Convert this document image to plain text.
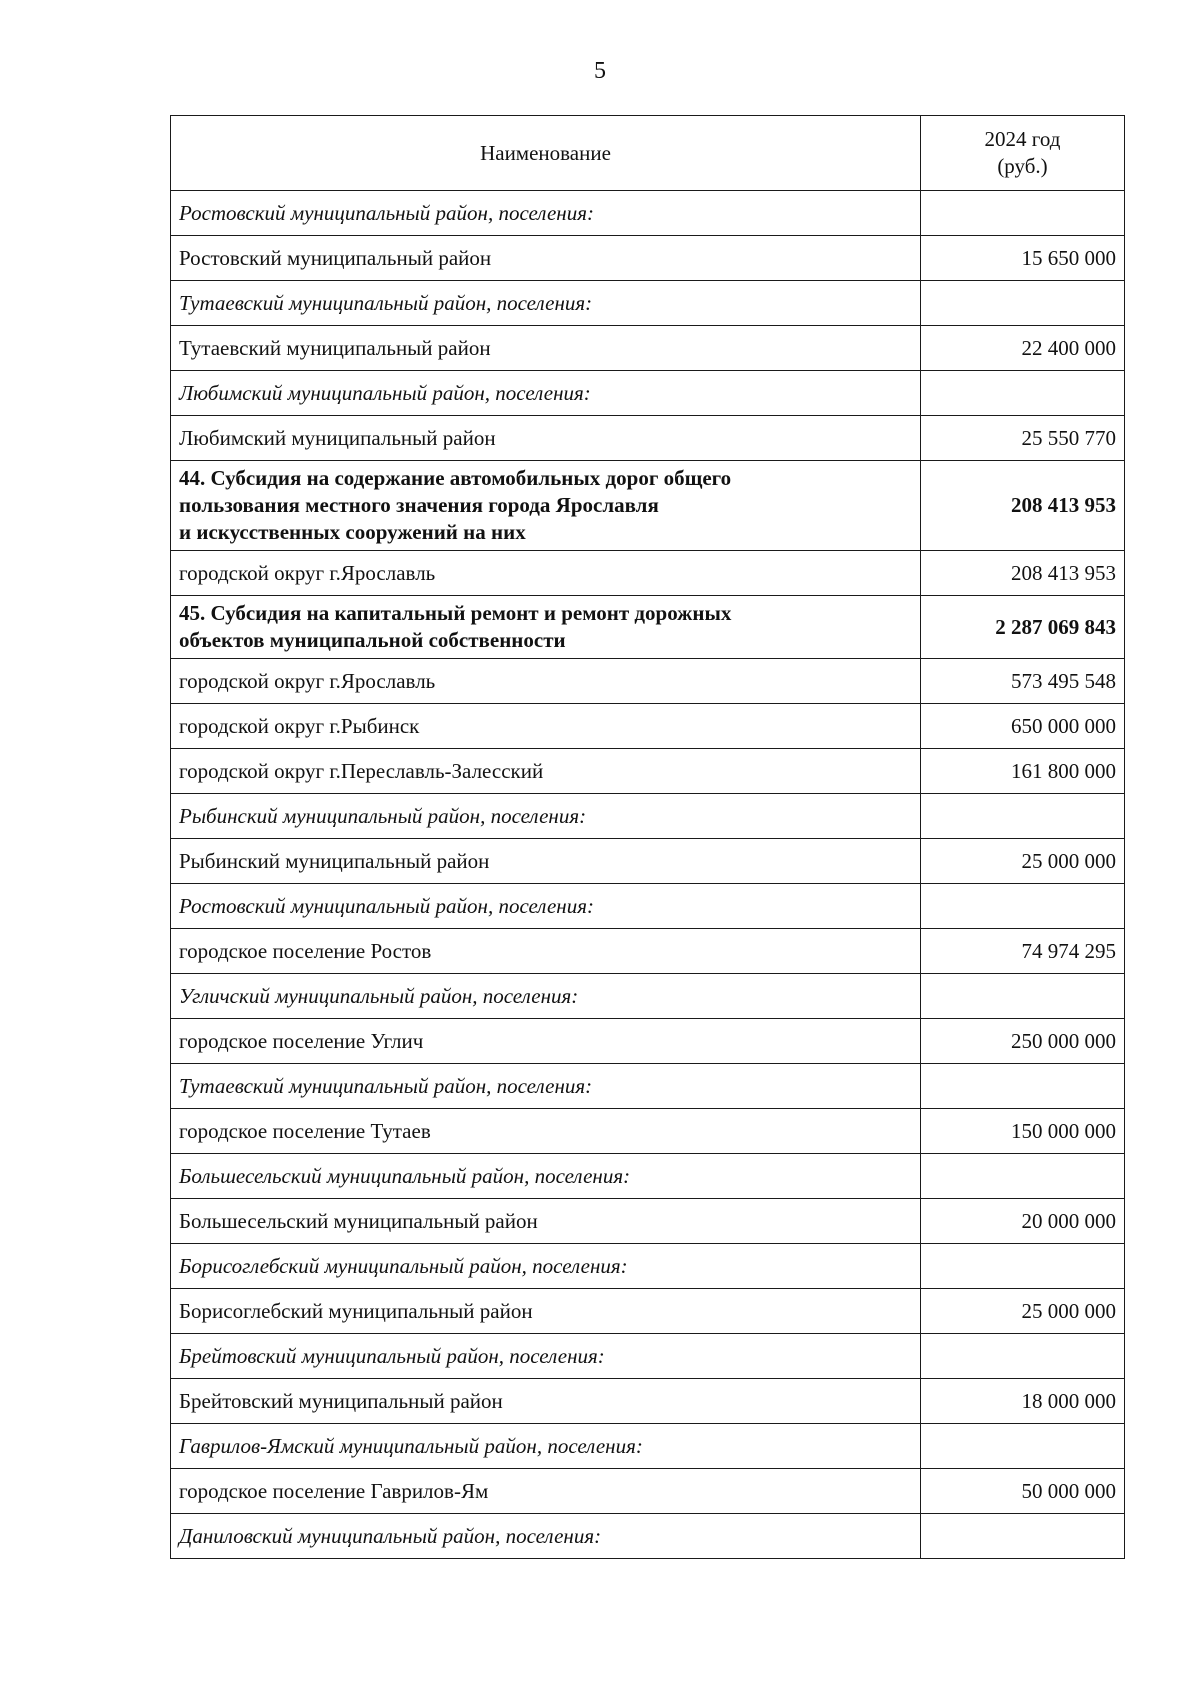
5
Наименование	2024 год
(руб.)
Ростовский муниципальный район, поселения:	
Ростовский муниципальный район	15 650 000
Тутаевский муниципальный район, поселения:	
Тутаевский муниципальный район	22 400 000
Любимский муниципальный район, поселения:	
Любимский муниципальный район	25 550 770

44. Субсидия на содержание автомобильных дорог общего
пользования местного значения города Ярославля
и искусственных сооружений на них	208 413 953
городской округ г.Ярославль	208 413 953

45. Субсидия на капитальный ремонт и ремонт дорожных
объектов муниципальной собственности	2 287 069 843
городской округ г.Ярославль	573 495 548
городской округ г.Рыбинск	650 000 000
городской округ г.Переславль-Залесский	161 800 000
Рыбинский муниципальный район, поселения:	
Рыбинский муниципальный район	25 000 000
Ростовский муниципальный район, поселения:	
городское поселение Ростов	74 974 295
Угличский муниципальный район, поселения:	
городское поселение Углич	250 000 000
Тутаевский муниципальный район, поселения:	
городское поселение Тутаев	150 000 000
Большесельский муниципальный район, поселения:	
Большесельский муниципальный район	20 000 000
Борисоглебский муниципальный район, поселения:	
Борисоглебский муниципальный район	25 000 000
Брейтовский муниципальный район, поселения:	
Брейтовский муниципальный район	18 000 000
Гаврилов-Ямский муниципальный район, поселения:	
городское поселение Гаврилов-Ям	50 000 000
Даниловский муниципальный район, поселения:	
